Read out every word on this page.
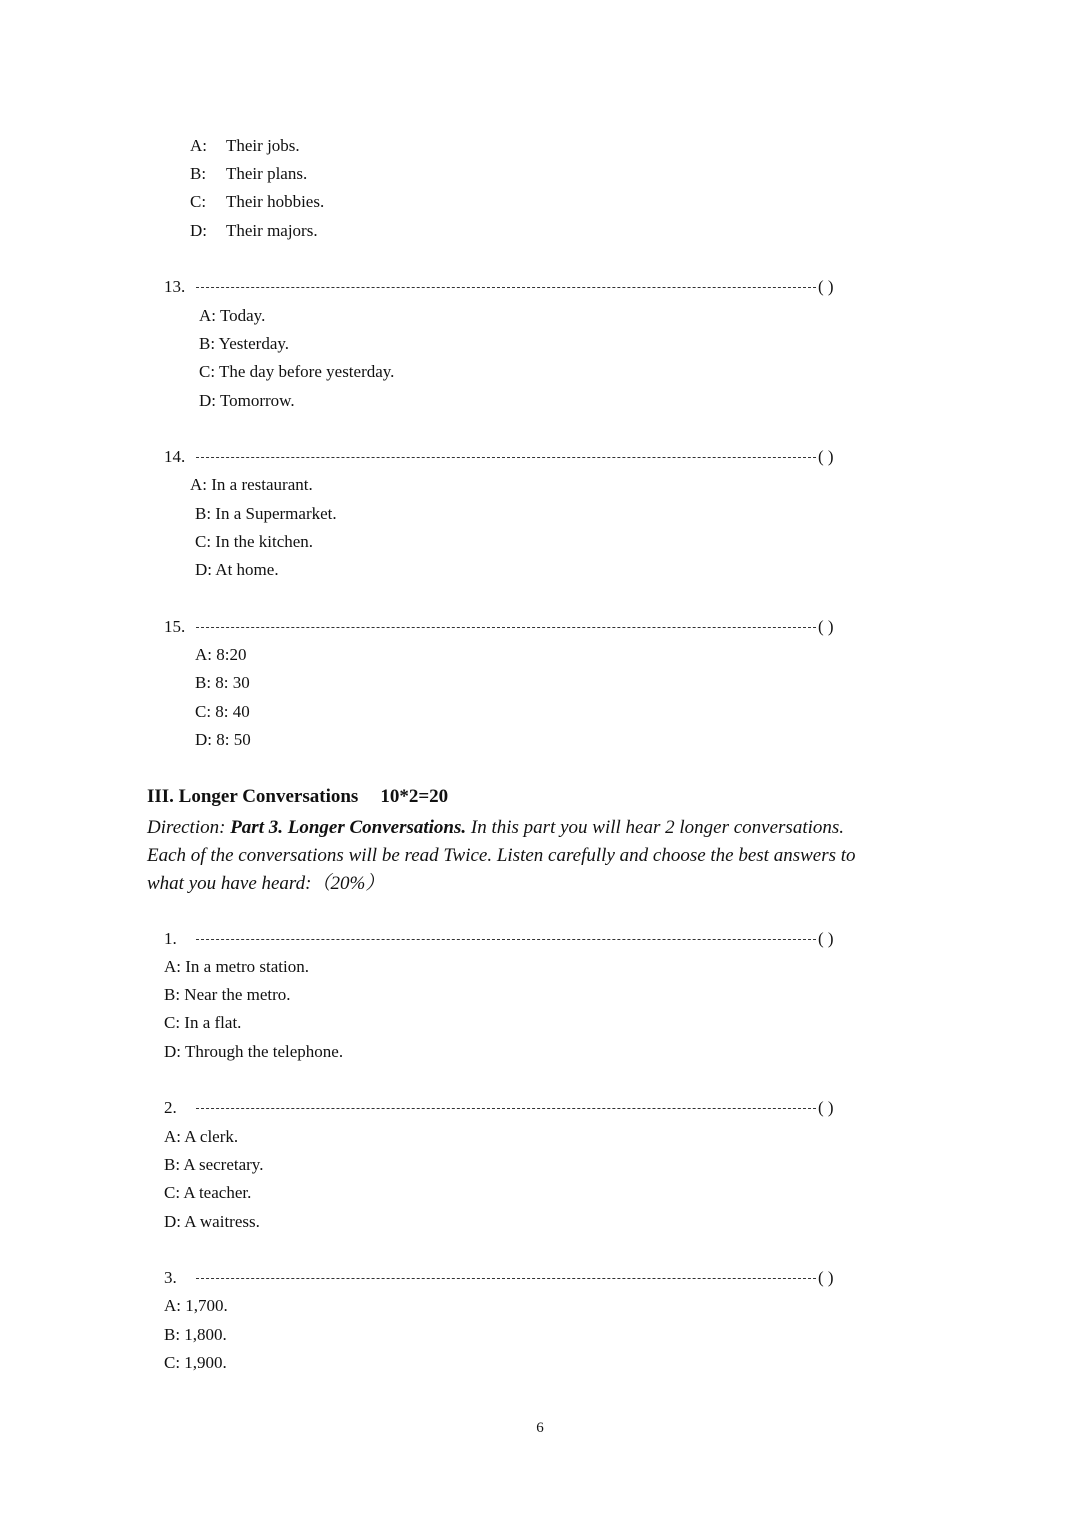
A: Their jobs.
B: Their plans.
C: Their hobbies.
D: Their majors.
13.	( )
A: Today.
B: Yesterday.
C: The day before yesterday.
D: Tomorrow.
14.	( )
A: In a restaurant.
B: In a Supermarket.
C: In the kitchen.
D: At home.
15.	( )
A: 8:20
B: 8: 30
C: 8: 40
D: 8: 50
III. Longer Conversations 10*2=20
Direction: Part 3. Longer Conversations. In this part you will hear 2 longer conversations. Each of the conversations will be read Twice. Listen carefully and choose the best answers to what you have heard:（20%）
1.	( )
A: In a metro station.
B: Near the metro.
C: In a flat.
D: Through the telephone.
2.	( )
A: A clerk.
B: A secretary.
C: A teacher.
D: A waitress.
3.	( )
A: 1,700.
B: 1,800.
C: 1,900.
6
